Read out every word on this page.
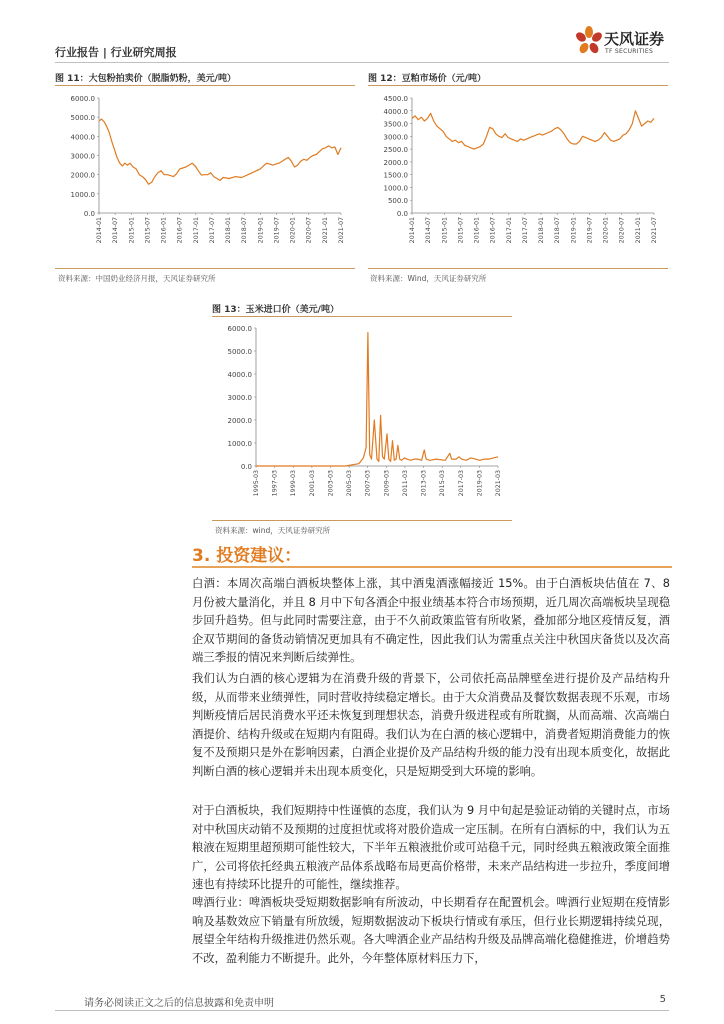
行业报告 | 行业研究周报
天风证券
TF SECURITIES
图 11：大包粉拍卖价（脱脂奶粉，美元/吨）
6000.0
5000.0
4000.0
3000.0
2000.0
1000.0
0.0
2014-01 2014-07 2015-01 2015-07 2016-01 2016-07 2017-01 2017-07 2018-01 2018-07 2019-01 2019-07 2020-01 2020-07 2021-01 2021-07
资料来源：中国奶业经济月报，天风证券研究所
图 12：豆粕市场价（元/吨）
4500.0
4000.0
3500.0
3000.0
2500.0
2000.0
1500.0
1000.0
500.0
0.0
2014-01 2014-07 2015-01 2015-07 2016-01 2016-07 2017-01 2017-07 2018-01 2018-07 2019-01 2019-07 2020-01 2020-07 2021-01 2021-07
资料来源：Wind，天风证券研究所
图 13：玉米进口价（美元/吨）
6000.0
5000.0
4000.0
3000.0
2000.0
1000.0
0.0
1995-03 1997-03 1999-03 2001-03 2003-03 2005-03 2007-03 2009-03 2011-03 2013-03 2015-03 2017-03 2019-03 2021-03
资料来源：wind，天风证券研究所
3. 投资建议：
白酒：本周次高端白酒板块整体上涨，其中酒鬼酒涨幅接近 15%。由于白酒板块估值在 7、8 月份被大量消化，并且 8 月中下旬各酒企中报业绩基本符合市场预期，近几周次高端板块呈现稳步回升趋势。但与此同时需要注意，由于不久前政策监管有所收紧，叠加部分地区疫情反复，酒企双节期间的备货动销情况更加具有不确定性，因此我们认为需重点关注中秋国庆备货以及次高端三季报的情况来判断后续弹性。
我们认为白酒的核心逻辑为在消费升级的背景下，公司依托高品牌壁垒进行提价及产品结构升级，从而带来业绩弹性，同时营收持续稳定增长。由于大众消费品及餐饮数据表现不乐观，市场判断疫情后居民消费水平还未恢复到理想状态，消费升级进程或有所耽搁，从而高端、次高端白酒提价、结构升级或在短期内有阻碍。我们认为在白酒的核心逻辑中，消费者短期消费能力的恢复不及预期只是外在影响因素，白酒企业提价及产品结构升级的能力没有出现本质变化，故据此判断白酒的核心逻辑并未出现本质变化，只是短期受到大环境的影响。
对于白酒板块，我们短期持中性谨慎的态度，我们认为 9 月中旬起是验证动销的关键时点，市场对中秋国庆动销不及预期的过度担忧或将对股价造成一定压制。在所有白酒标的中，我们认为五粮液在短期里超预期可能性较大，下半年五粮液批价或可站稳千元，同时经典五粮液政策全面推广，公司将依托经典五粮液产品体系战略布局更高价格带，未来产品结构进一步拉升，季度间增速也有持续环比提升的可能性，继续推荐。
啤酒行业：啤酒板块受短期数据影响有所波动，中长期看存在配置机会。啤酒行业短期在疫情影响及基数效应下销量有所放缓，短期数据波动下板块行情或有承压，但行业长期逻辑持续兑现，展望全年结构升级推进仍然乐观。各大啤酒企业产品结构升级及品牌高端化稳健推进，价增趋势不改，盈利能力不断提升。此外，今年整体原材料压力下，
请务必阅读正文之后的信息披露和免责申明	5
